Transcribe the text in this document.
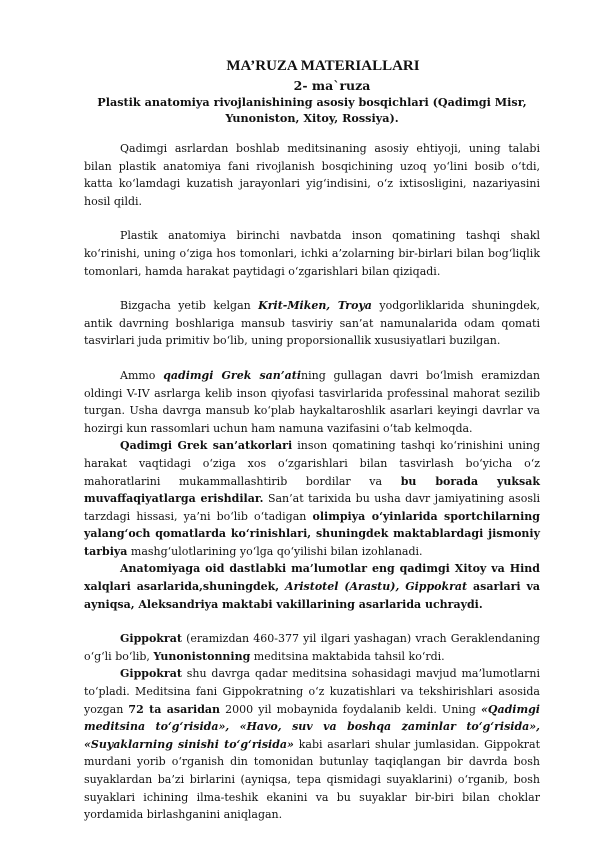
MA’RUZA MATERIALLARI
2- ma`ruza
Plastik anatomiya rivojlanishining asosiy bosqichlari (Qadimgi Misr,
Yunoniston, Xitoy, Rossiya).

Qadimgi asrlardan boshlab meditsinaning asosiy ehtiyoji, uning talabi bilan plastik anatomiya fani rivojlanish bosqichining uzoq yo‘lini bosib o‘tdi, katta ko‘lamdagi kuzatish jarayonlari yig‘indisini, o‘z ixtisosligini, nazariyasini hosil qildi.

Plastik anatomiya birinchi navbatda inson qomatining tashqi shakl ko‘rinishi, uning o‘ziga hos tomonlari, ichki a’zolarning bir-birlari bilan bog‘liqlik tomonlari, hamda harakat paytidagi o‘zgarishlari bilan qiziqadi.

Bizgacha yetib kelgan Krit-Miken, Troya yodgorliklarida shuningdek, antik davrning boshlariga mansub tasviriy san’at namunalarida odam qomati tasvirlari juda primitiv bo‘lib, uning proporsionallik xususiyatlari buzilgan.

Ammo qadimgi Grek san’atining gullagan davri bo‘lmish eramizdan oldingi V-IV asrlarga kelib inson qiyofasi tasvirlarida professinal mahorat sezilib turgan. Usha davrga mansub ko‘plab haykaltaroshlik asarlari keyingi davrlar va hozirgi kun rassomlari uchun ham namuna vazifasini o‘tab kelmoqda.

Qadimgi Grek san’atkorlari inson qomatining tashqi ko‘rinishini uning harakat vaqtidagi o‘ziga xos o‘zgarishlari bilan tasvirlash bo‘yicha o‘z mahoratlarini mukammallashtirib bordilar va bu borada yuksak muvaffaqiyatlarga erishdilar. San’at tarixida bu usha davr jamiyatining asosli tarzdagi hissasi, ya’ni bo‘lib o‘tadigan olimpiya o‘yinlarida sportchilarning yalang‘och qomatlarda ko‘rinishlari, shuningdek maktablardagi jismoniy tarbiya mashg‘ulotlarining yo‘lga qo‘yilishi bilan izohlanadi.

Anatomiyaga oid dastlabki ma’lumotlar eng qadimgi Xitoy va Hind xalqlari asarlarida,shuningdek, Aristotel (Arastu), Gippokrat asarlari va ayniqsa, Aleksandriya maktabi vakillarining asarlarida uchraydi.

Gippokrat (eramizdan 460-377 yil ilgari yashagan) vrach Geraklendaning o‘g‘li bo‘lib, Yunonistonning meditsina maktabida tahsil ko‘rdi.

Gippokrat shu davrga qadar meditsina sohasidagi mavjud ma’lumotlarni to‘pladi. Meditsina fani Gippokratning o‘z kuzatishlari va tekshirishlari asosida yozgan 72 ta asaridan 2000 yil mobaynida foydalanib keldi. Uning «Qadimgi meditsina to‘g‘risida», «Havo, suv va boshqa zaminlar to‘g‘risida», «Suyaklarning sinishi to‘g‘risida» kabi asarlari shular jumlasidan. Gippokrat murdani yorib o‘rganish din tomonidan butunlay taqiqlangan bir davrda bosh suyaklardan ba’zi birlarini (ayniqsa, tepa qismidagi suyaklarini) o‘rganib, bosh suyaklari ichining ilma-teshik ekanini va bu suyaklar bir-biri bilan choklar yordamida birlashganini aniqlagan.
